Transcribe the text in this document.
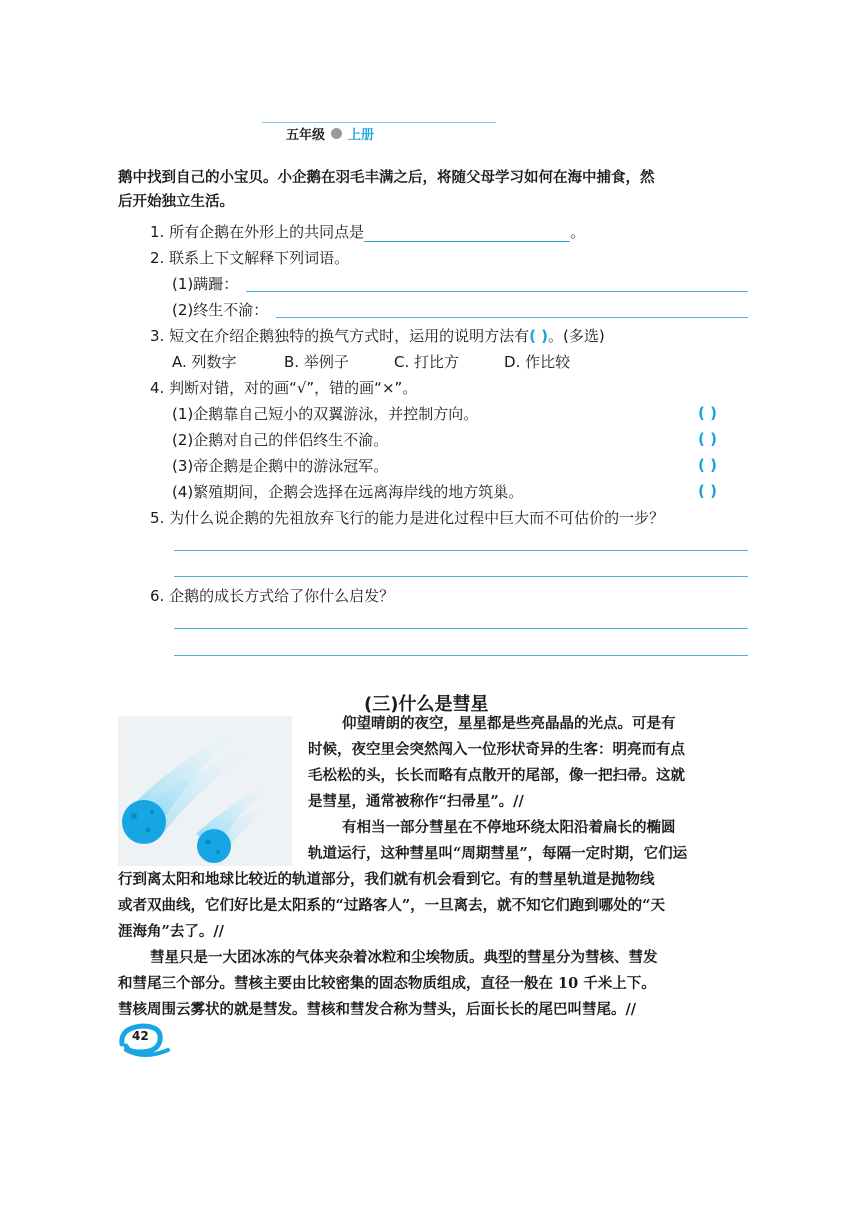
五年级 上册
鹅中找到自己的小宝贝。小企鹅在羽毛丰满之后，将随父母学习如何在海中捕食，然
后开始独立生活。
1. 所有企鹅在外形上的共同点是	。
2. 联系上下文解释下列词语。
(1)蹒跚：
(2)终生不渝：
3. 短文在介绍企鹅独特的换气方式时，运用的说明方法有( )。(多选)
A. 列数字	B. 举例子	C. 打比方	D. 作比较
4. 判断对错，对的画“√”，错的画“×”。
(1)企鹅靠自己短小的双翼游泳，并控制方向。	( )
(2)企鹅对自己的伴侣终生不渝。	( )
(3)帝企鹅是企鹅中的游泳冠军。	( )
(4)繁殖期间，企鹅会选择在远离海岸线的地方筑巢。	( )
5. 为什么说企鹅的先祖放弃飞行的能力是进化过程中巨大而不可估价的一步？
6. 企鹅的成长方式给了你什么启发？
(三)什么是彗星
仰望晴朗的夜空，星星都是些亮晶晶的光点。可是有
时候，夜空里会突然闯入一位形状奇异的生客：明亮而有点
毛松松的头，长长而略有点散开的尾部，像一把扫帚。这就
是彗星，通常被称作“扫帚星”。//
有相当一部分彗星在不停地环绕太阳沿着扁长的椭圆
轨道运行，这种彗星叫“周期彗星”，每隔一定时期，它们运
行到离太阳和地球比较近的轨道部分，我们就有机会看到它。有的彗星轨道是抛物线
或者双曲线，它们好比是太阳系的“过路客人”，一旦离去，就不知它们跑到哪处的“天
涯海角”去了。//
彗星只是一大团冰冻的气体夹杂着冰粒和尘埃物质。典型的彗星分为彗核、彗发
和彗尾三个部分。彗核主要由比较密集的固态物质组成，直径一般在 10 千米上下。
彗核周围云雾状的就是彗发。彗核和彗发合称为彗头，后面长长的尾巴叫彗尾。//
42
